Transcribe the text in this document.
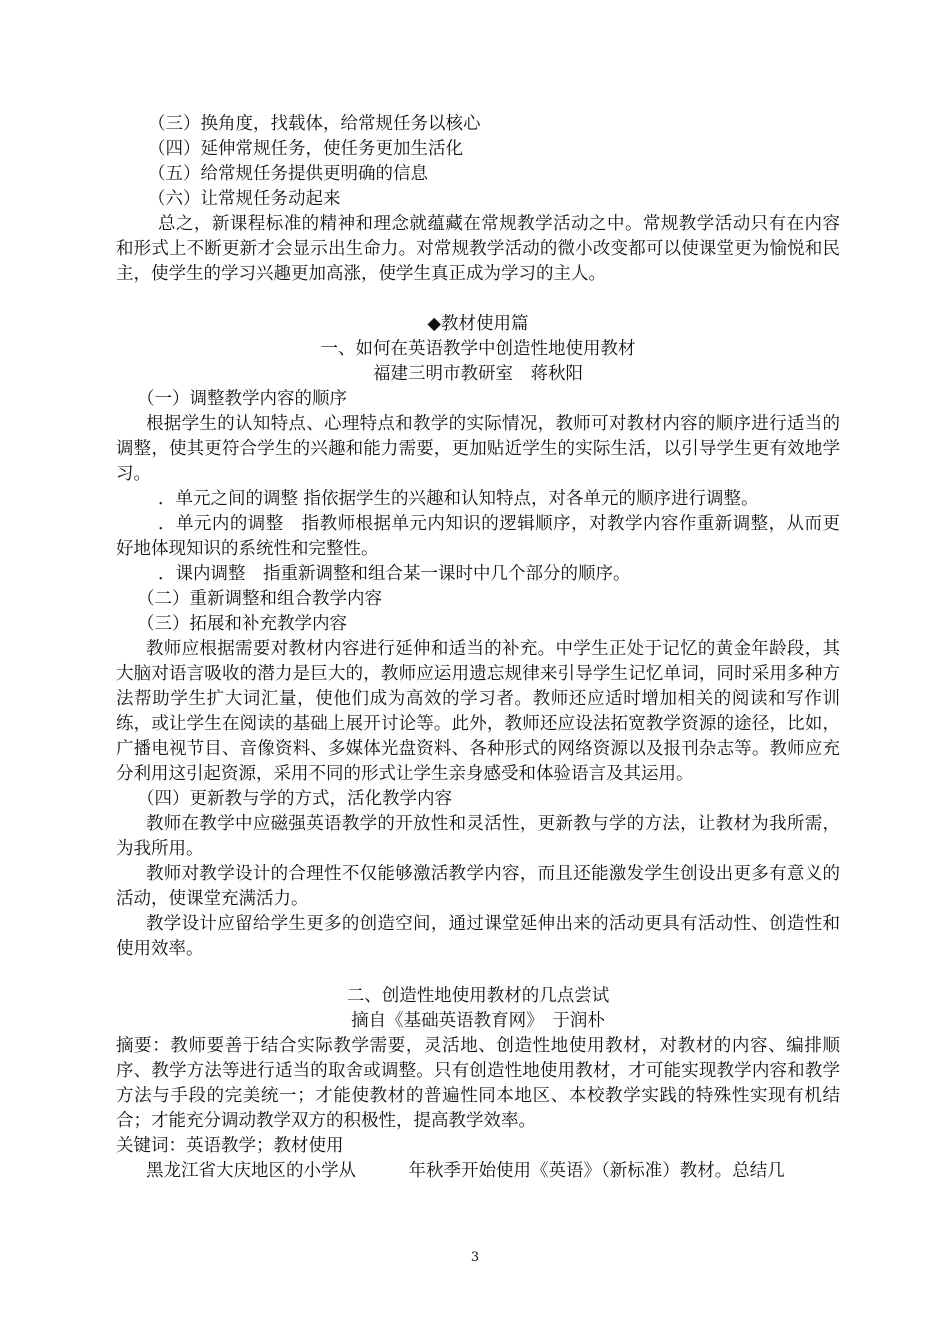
（三）换角度，找载体，给常规任务以核心

（四）延伸常规任务，使任务更加生活化

（五）给常规任务提供更明确的信息

（六）让常规任务动起来

总之，新课程标准的精神和理念就蕴藏在常规教学活动之中。常规教学活动只有在内容和形式上不断更新才会显示出生命力。对常规教学活动的微小改变都可以使课堂更为愉悦和民主，使学生的学习兴趣更加高涨，使学生真正成为学习的主人。

◆教材使用篇

一、如何在英语教学中创造性地使用教材

福建三明市教研室　蒋秋阳

（一）调整教学内容的顺序

根据学生的认知特点、心理特点和教学的实际情况，教师可对教材内容的顺序进行适当的调整，使其更符合学生的兴趣和能力需要，更加贴近学生的实际生活，以引导学生更有效地学习。

．单元之间的调整 指依据学生的兴趣和认知特点，对各单元的顺序进行调整。

．单元内的调整　指教师根据单元内知识的逻辑顺序，对教学内容作重新调整，从而更好地体现知识的系统性和完整性。

．课内调整　指重新调整和组合某一课时中几个部分的顺序。

（二）重新调整和组合教学内容

（三）拓展和补充教学内容

教师应根据需要对教材内容进行延伸和适当的补充。中学生正处于记忆的黄金年龄段，其大脑对语言吸收的潜力是巨大的，教师应运用遗忘规律来引导学生记忆单词，同时采用多种方法帮助学生扩大词汇量，使他们成为高效的学习者。教师还应适时增加相关的阅读和写作训练，或让学生在阅读的基础上展开讨论等。此外，教师还应设法拓宽教学资源的途径，比如，广播电视节目、音像资料、多媒体光盘资料、各种形式的网络资源以及报刊杂志等。教师应充分利用这引起资源，采用不同的形式让学生亲身感受和体验语言及其运用。

（四）更新教与学的方式，活化教学内容

教师在教学中应磁强英语教学的开放性和灵活性，更新教与学的方法，让教材为我所需，为我所用。

教师对教学设计的合理性不仅能够激活教学内容，而且还能激发学生创设出更多有意义的活动，使课堂充满活力。

教学设计应留给学生更多的创造空间，通过课堂延伸出来的活动更具有活动性、创造性和使用效率。

二、创造性地使用教材的几点尝试

摘自《基础英语教育网》　于润朴

摘要：教师要善于结合实际教学需要，灵活地、创造性地使用教材，对教材的内容、编排顺序、教学方法等进行适当的取舍或调整。只有创造性地使用教材，才可能实现教学内容和教学方法与手段的完美统一；才能使教材的普遍性同本地区、本校教学实践的特殊性实现有机结合；才能充分调动教学双方的积极性，提高教学效率。

关键词：英语教学；教材使用

黑龙江省大庆地区的小学从　　　年秋季开始使用《英语》（新标准）教材。总结几

3
